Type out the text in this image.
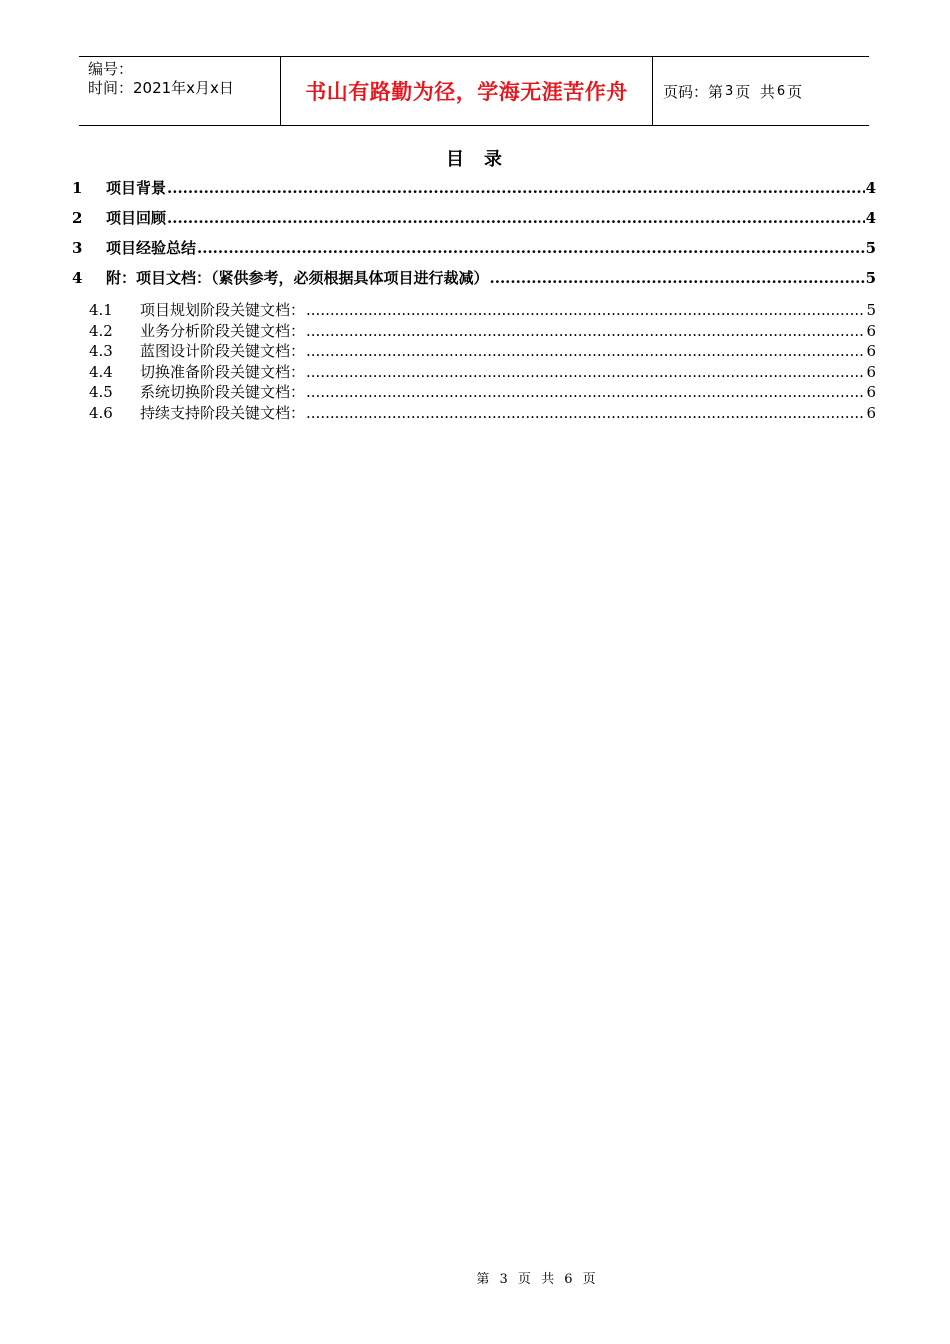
编号：
时间：2021年x月x日	书山有路勤为径，学海无涯苦作舟	页码：第 3 页  共 6 页
目 录
1	项目背景 .....	4
2	项目回顾 .....	4
3	项目经验总结 .....	5
4	附：项目文档：（紧供参考，必须根据具体项目进行裁减） .....	5
4.1	项目规划阶段关键文档： .....	5
4.2	业务分析阶段关键文档： .....	6
4.3	蓝图设计阶段关键文档： .....	6
4.4	切换准备阶段关键文档： .....	6
4.5	系统切换阶段关键文档： .....	6
4.6	持续支持阶段关键文档： .....	6
第 3 页 共 6 页
